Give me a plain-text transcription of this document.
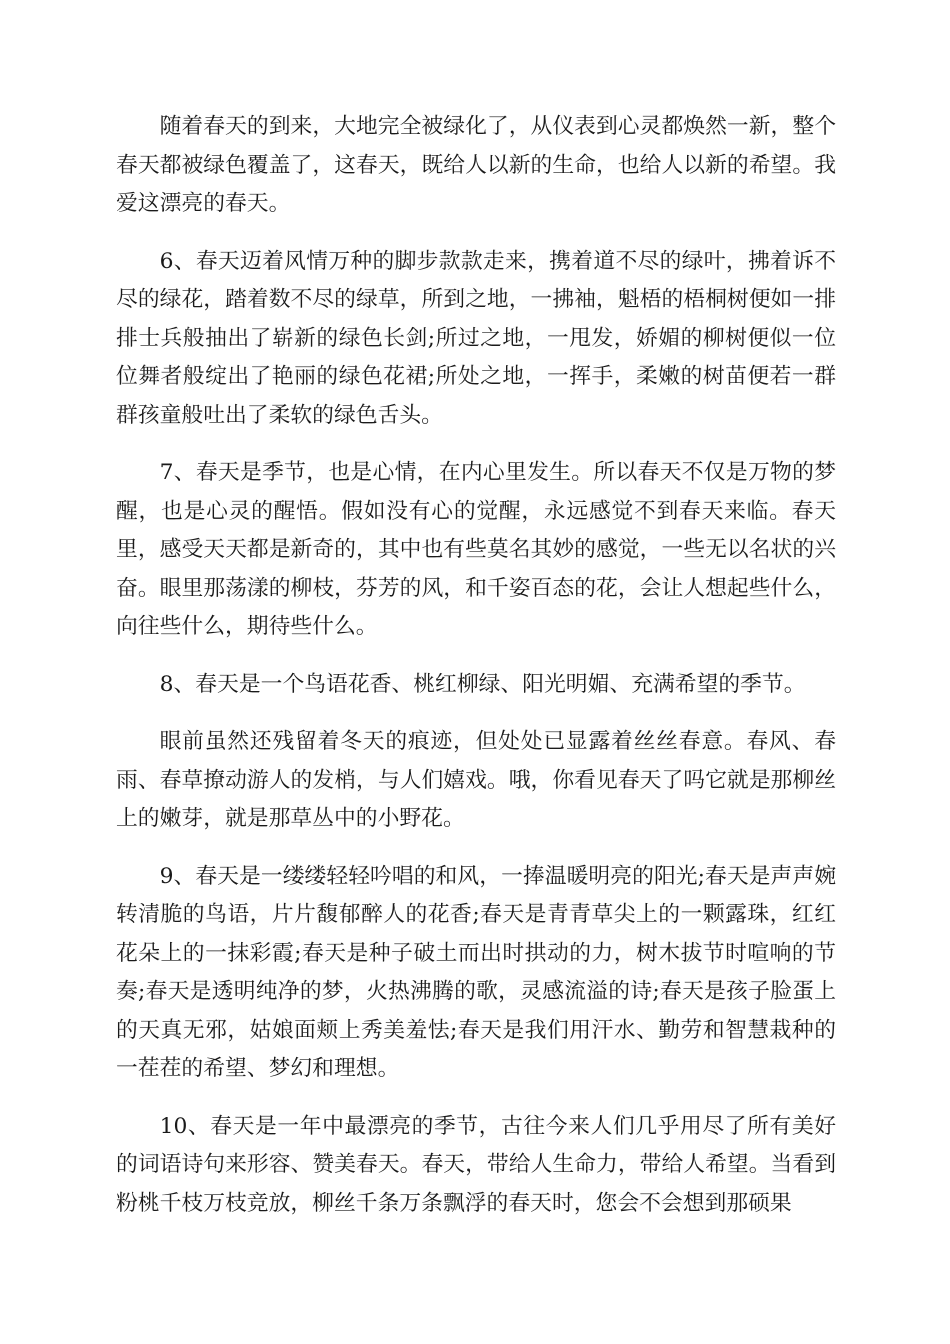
随着春天的到来，大地完全被绿化了，从仪表到心灵都焕然一新，整个春天都被绿色覆盖了，这春天，既给人以新的生命，也给人以新的希望。我爱这漂亮的春天。

6、春天迈着风情万种的脚步款款走来，携着道不尽的绿叶，拂着诉不尽的绿花，踏着数不尽的绿草，所到之地，一拂袖，魁梧的梧桐树便如一排排士兵般抽出了崭新的绿色长剑;所过之地，一甩发，娇媚的柳树便似一位位舞者般绽出了艳丽的绿色花裙;所处之地，一挥手，柔嫩的树苗便若一群群孩童般吐出了柔软的绿色舌头。

7、春天是季节，也是心情，在内心里发生。所以春天不仅是万物的梦醒，也是心灵的醒悟。假如没有心的觉醒，永远感觉不到春天来临。春天里，感受天天都是新奇的，其中也有些莫名其妙的感觉，一些无以名状的兴奋。眼里那荡漾的柳枝，芬芳的风，和千姿百态的花，会让人想起些什么，向往些什么，期待些什么。

8、春天是一个鸟语花香、桃红柳绿、阳光明媚、充满希望的季节。

眼前虽然还残留着冬天的痕迹，但处处已显露着丝丝春意。春风、春雨、春草撩动游人的发梢，与人们嬉戏。哦，你看见春天了吗它就是那柳丝上的嫩芽，就是那草丛中的小野花。

9、春天是一缕缕轻轻吟唱的和风，一捧温暖明亮的阳光;春天是声声婉转清脆的鸟语，片片馥郁醉人的花香;春天是青青草尖上的一颗露珠，红红花朵上的一抹彩霞;春天是种子破土而出时拱动的力，树木拔节时喧响的节奏;春天是透明纯净的梦，火热沸腾的歌，灵感流溢的诗;春天是孩子脸蛋上的天真无邪，姑娘面颊上秀美羞怯;春天是我们用汗水、勤劳和智慧栽种的一茬茬的希望、梦幻和理想。

10、春天是一年中最漂亮的季节，古往今来人们几乎用尽了所有美好的词语诗句来形容、赞美春天。春天，带给人生命力，带给人希望。当看到粉桃千枝万枝竞放，柳丝千条万条飘浮的春天时，您会不会想到那硕果
